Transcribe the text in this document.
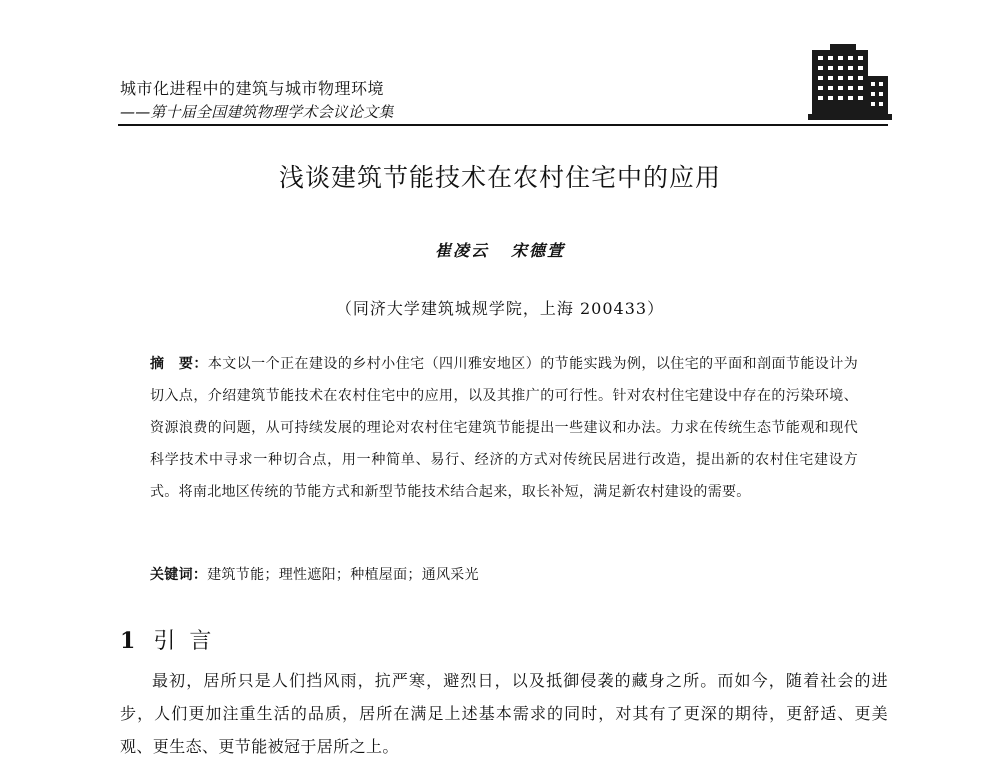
城市化进程中的建筑与城市物理环境
——第十届全国建筑物理学术会议论文集
浅谈建筑节能技术在农村住宅中的应用
崔凌云 宋德萱
（同济大学建筑城规学院，上海 200433）
摘　要：本文以一个正在建设的乡村小住宅（四川雅安地区）的节能实践为例，以住宅的平面和剖面节能设计为切入点，介绍建筑节能技术在农村住宅中的应用，以及其推广的可行性。针对农村住宅建设中存在的污染环境、资源浪费的问题，从可持续发展的理论对农村住宅建筑节能提出一些建议和办法。力求在传统生态节能观和现代科学技术中寻求一种切合点，用一种简单、易行、经济的方式对传统民居进行改造，提出新的农村住宅建设方式。将南北地区传统的节能方式和新型节能技术结合起来，取长补短，满足新农村建设的需要。
关键词：建筑节能；理性遮阳；种植屋面；通风采光
1 引言
最初，居所只是人们挡风雨，抗严寒，避烈日，以及抵御侵袭的藏身之所。而如今，随着社会的进步，人们更加注重生活的品质，居所在满足上述基本需求的同时，对其有了更深的期待，更舒适、更美观、更生态、更节能被冠于居所之上。
